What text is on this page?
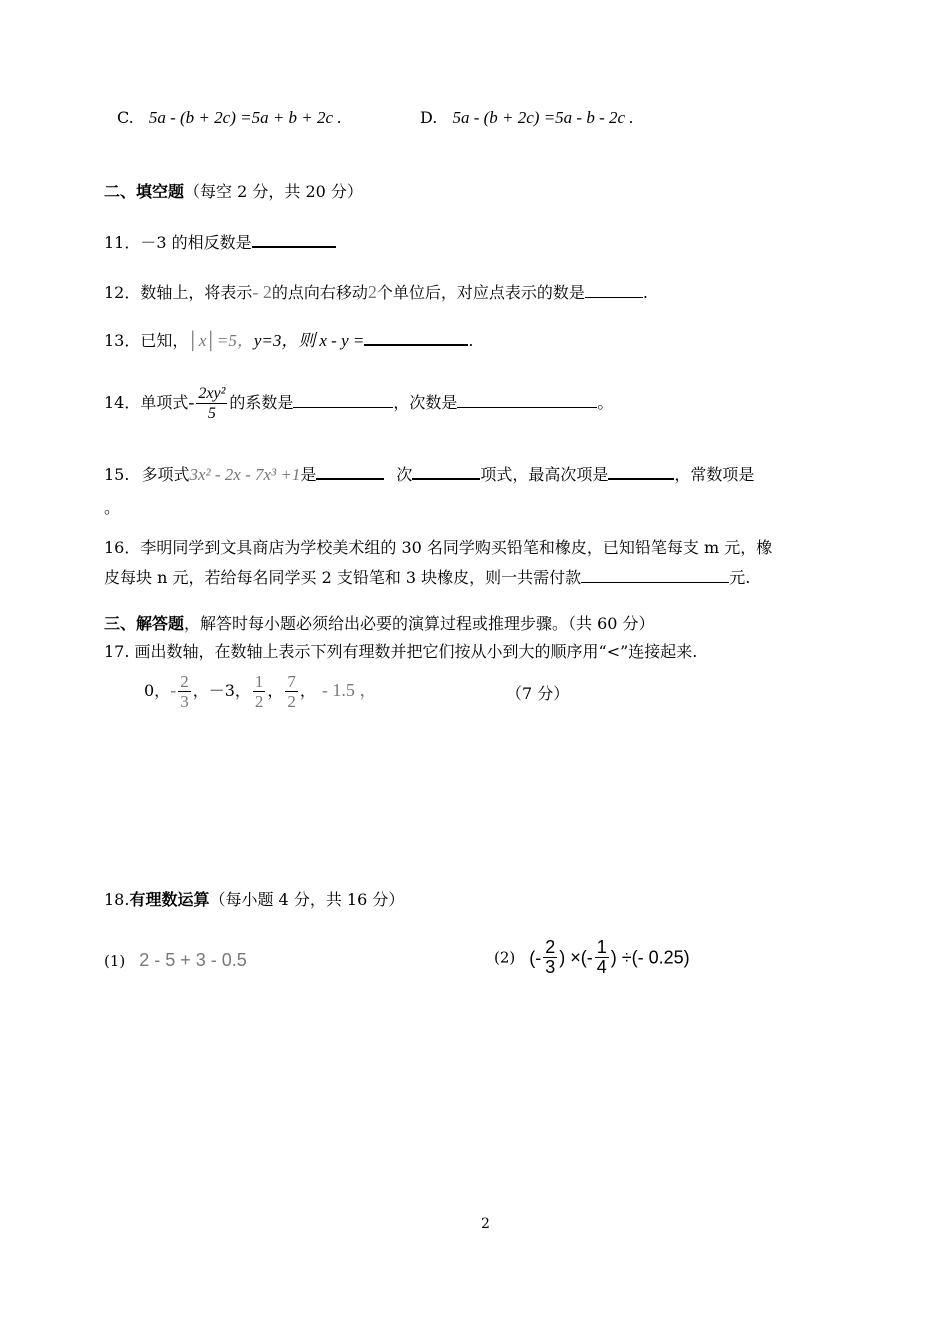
C. 5a - (b + 2c) =5a + b + 2c .	D. 5a - (b + 2c) =5a - b - 2c .
二、填空题（每空 2 分，共 20 分）
11．－3 的相反数是
12．数轴上，将表示- 2的点向右移动2个单位后，对应点表示的数是	.
13．已知，│x│=5，y=3，则 x - y =	.
14．单项式- $\frac{\text{2xy²}}{5}$ 的系数是	，次数是	。
15. 多项式3x² - 2x - 7x³ +1是	次	项式，最高次项是	，常数项是
。
16．李明同学到文具商店为学校美术组的 30 名同学购买铅笔和橡皮，已知铅笔每支 m 元，橡
皮每块 n 元，若给每名同学买 2 支铅笔和 3 块橡皮，则一共需付款	元.
三、解答题，解答时每小题必须给出必要的演算过程或推理步骤。（共 60 分）
17. 画出数轴，在数轴上表示下列有理数并把它们按从小到大的顺序用“<”连接起来.
0，- $\frac{2}{3}$ ，－3， $\frac{1}{2}$ ， $\frac{7}{2}$ ， - 1.5 ，	（7 分）
18.有理数运算（每小题 4 分，共 16 分）
(1) 2 - 5 + 3 - 0.5	(2) (- $\frac{2}{3}$ ) ×(- $\frac{1}{4}$ ) ÷(- 0.25)
2
